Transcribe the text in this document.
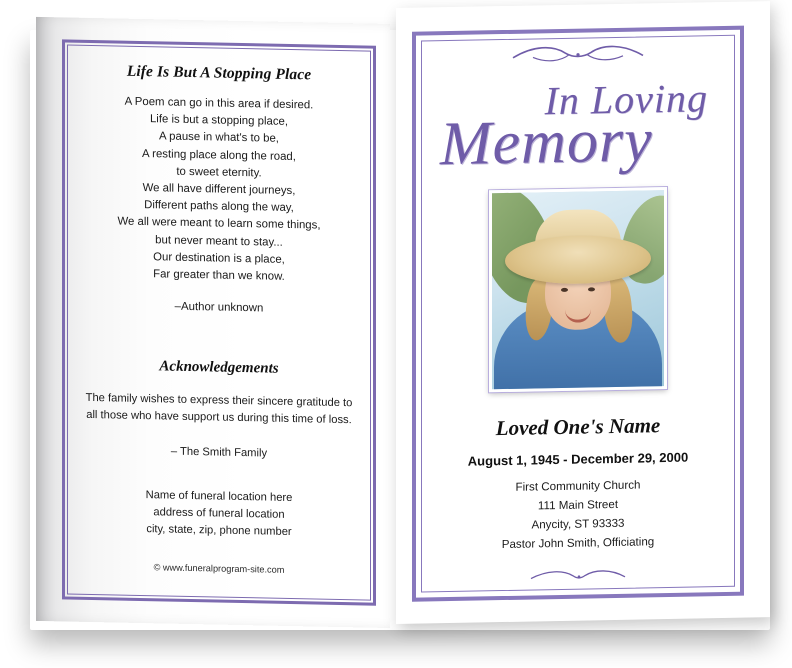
Life Is But A Stopping Place
A Poem can go in this area if desired.
Life is but a stopping place,
A pause in what's to be,
A resting place along the road,
to sweet eternity.
We all have different journeys,
Different paths along the way,
We all were meant to learn some things,
but never meant to stay...
Our destination is a place,
Far greater than we know.
–Author unknown
Acknowledgements
The family wishes to express their sincere gratitude to
all those who have support us during this time of loss.
– The Smith Family
Name of funeral location here
address of funeral location
city, state, zip, phone number
© www.funeralprogram-site.com
In Loving
Memory
Loved One's Name
August 1, 1945 - December 29, 2000
First Community Church
111 Main Street
Anycity, ST 93333
Pastor John Smith, Officiating
